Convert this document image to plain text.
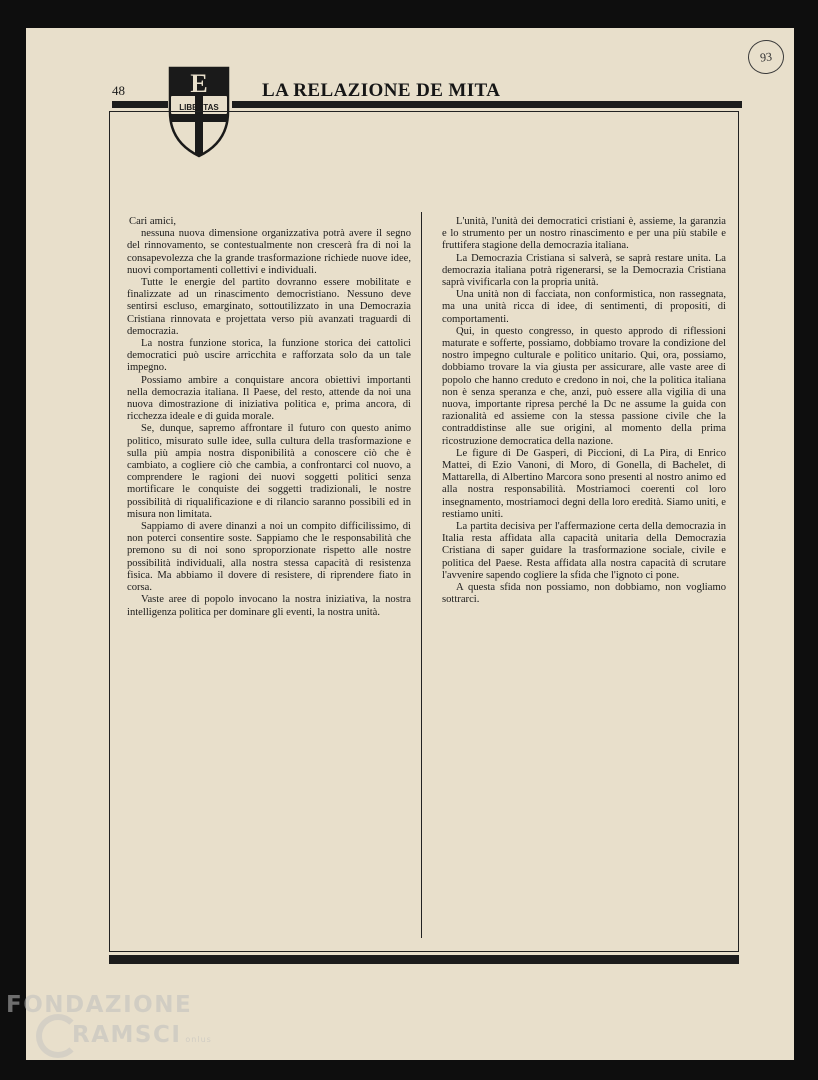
93
48	E
LIBERTAS
LA RELAZIONE DE MITA

Cari amici,

nessuna nuova dimensione organizzativa potrà avere il segno del rinnovamento, se contestualmente non crescerà fra di noi la consapevolezza che la grande trasformazione richiede nuove idee, nuovi comportamenti collettivi e individuali.

Tutte le energie del partito dovranno essere mobilitate e finalizzate ad un rinascimento democristiano. Nessuno deve sentirsi escluso, emarginato, sottoutilizzato in una Democrazia Cristiana rinnovata e projettata verso più avanzati traguardi di democrazia.

La nostra funzione storica, la funzione storica dei cattolici democratici può uscire arricchita e rafforzata solo da un tale impegno.

Possiamo ambire a conquistare ancora obiettivi importanti nella democrazia italiana. Il Paese, del resto, attende da noi una nuova dimostrazione di iniziativa politica e, prima ancora, di ricchezza ideale e di guida morale.

Se, dunque, sapremo affrontare il futuro con questo animo politico, misurato sulle idee, sulla cultura della trasformazione e sulla più ampia nostra disponibilità a conoscere ciò che è cambiato, a cogliere ciò che cambia, a confrontarci col nuovo, a comprendere le ragioni dei nuovi soggetti politici senza mortificare le conquiste dei soggetti tradizionali, le nostre possibilità di riqualificazione e di rilancio saranno possibili ed in misura non limitata.

Sappiamo di avere dinanzi a noi un compito difficilissimo, di non poterci consentire soste. Sappiamo che le responsabilità che premono su di noi sono sproporzionate rispetto alle nostre possibilità individuali, alla nostra stessa capacità di resistenza fisica. Ma abbiamo il dovere di resistere, di riprendere fiato in corsa.

Vaste aree di popolo invocano la nostra iniziativa, la nostra intelligenza politica per dominare gli eventi, la nostra unità.

L'unità, l'unità dei democratici cristiani è, assieme, la garanzia e lo strumento per un nostro rinascimento e per una più stabile e fruttifera stagione della democrazia italiana.

La Democrazia Cristiana si salverà, se saprà restare unita. La democrazia italiana potrà rigenerarsi, se la Democrazia Cristiana saprà vivificarla con la propria unità.

Una unità non di facciata, non conformistica, non rassegnata, ma una unità ricca di idee, di sentimenti, di propositi, di comportamenti.

Qui, in questo congresso, in questo approdo di riflessioni maturate e sofferte, possiamo, dobbiamo trovare la condizione del nostro impegno culturale e politico unitario. Qui, ora, possiamo, dobbiamo trovare la via giusta per assicurare, alle vaste aree di popolo che hanno creduto e credono in noi, che la politica italiana non è senza speranza e che, anzi, può essere alla vigilia di una nuova, importante ripresa perché la Dc ne assume la guida con razionalità ed assieme con la stessa passione civile che la contraddistinse alle sue origini, al momento della prima ricostruzione democratica della nazione.

Le figure di De Gasperi, di Piccioni, di La Pira, di Enrico Mattei, di Ezio Vanoni, di Moro, di Gonella, di Bachelet, di Mattarella, di Albertino Marcora sono presenti al nostro animo ed alla nostra responsabilità. Mostriamoci coerenti col loro insegnamento, mostriamoci degni della loro eredità. Siamo uniti, e restiamo uniti.

La partita decisiva per l'affermazione certa della democrazia in Italia resta affidata alla capacità unitaria della Democrazia Cristiana di saper guidare la trasformazione sociale, civile e politica del Paese. Resta affidata alla nostra capacità di scrutare l'avvenire sapendo cogliere la sfida che l'ignoto ci pone.

A questa sfida non possiamo, non dobbiamo, non vogliamo sottrarci.

FONDAZIONE
RAMSCI onlus
